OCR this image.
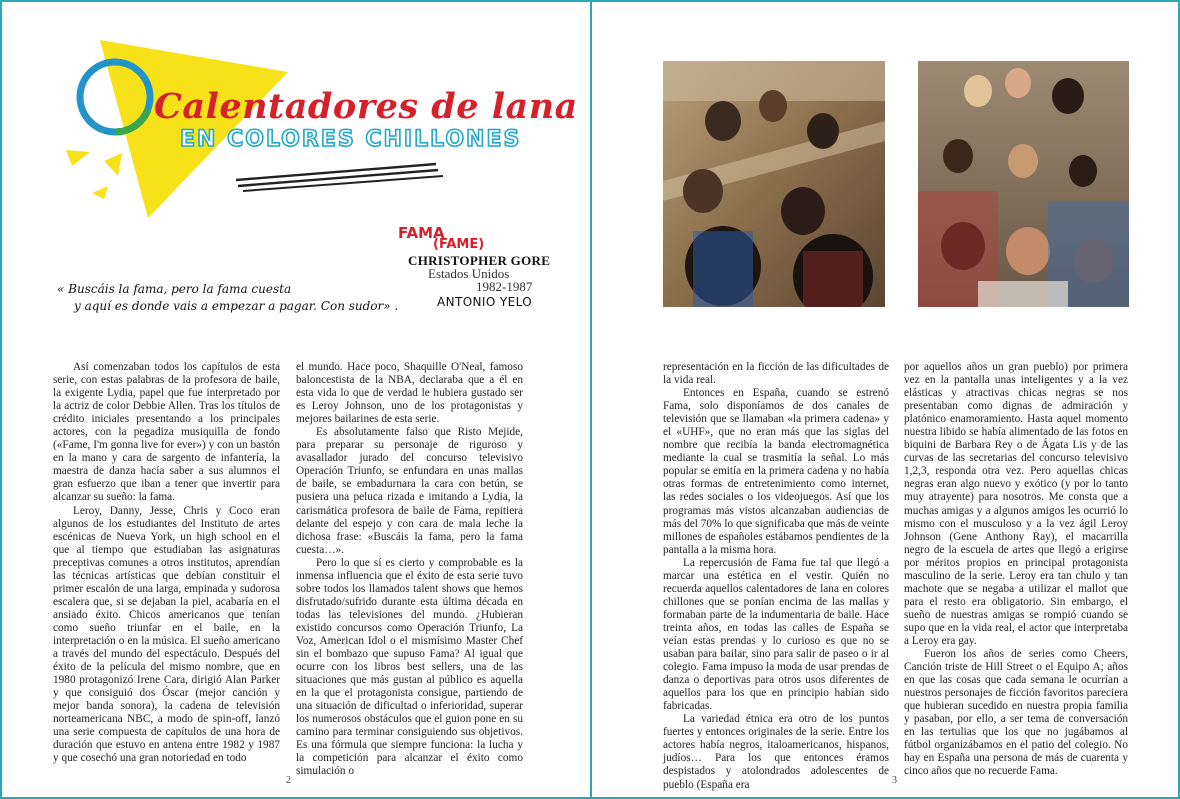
Calentadores de lana
EN COLORES CHILLONES
FAMA
(FAME)
CHRISTOPHER GORE
Estados Unidos
1982-1987
ANTONIO YELO
« Buscáis la fama, pero la fama cuesta
y aquí es donde vais a empezar a pagar. Con sudor» .

Así comenzaban todos los capítulos de esta serie, con estas palabras de la profesora de baile, la exigente Lydia, papel que fue interpretado por la actriz de color Debbie Allen. Tras los títulos de crédito iniciales presentando a los principales actores, con la pegadiza musiquilla de fondo («Fame, I'm gonna live for ever») y con un bastón en la mano y cara de sargento de infantería, la maestra de danza hacía saber a sus alumnos el gran esfuerzo que iban a tener que invertir para alcanzar su sueño: la fama.

Leroy, Danny, Jesse, Chris y Coco eran algunos de los estudiantes del Instituto de artes escénicas de Nueva York, un high school en el que al tiempo que estudiaban las asignaturas preceptivas comunes a otros institutos, aprendían las técnicas artísticas que debían constituir el primer escalón de una larga, empinada y sudorosa escalera que, si se dejaban la piel, acabaría en el ansiado éxito. Chicos americanos que tenían como sueño triunfar en el baile, en la interpretación o en la música. El sueño americano a través del mundo del espectáculo. Después del éxito de la película del mismo nombre, que en 1980 protagonizó Irene Cara, dirigió Alan Parker y que consiguió dos Óscar (mejor canción y mejor banda sonora), la cadena de televisión norteamericana NBC, a modo de spin-off, lanzó una serie compuesta de capítulos de una hora de duración que estuvo en antena entre 1982 y 1987 y que cosechó una gran notoriedad en todo

el mundo. Hace poco, Shaquille O'Neal, famoso baloncestista de la NBA, declaraba que a él en esta vida lo que de verdad le hubiera gustado ser es Leroy Johnson, uno de los protagonistas y mejores bailarines de esta serie.

Es absolutamente falso que Risto Mejide, para preparar su personaje de riguroso y avasallador jurado del concurso televisivo Operación Triunfo, se enfundara en unas mallas de baile, se embadurnara la cara con betún, se pusiera una peluca rizada e imitando a Lydia, la carismática profesora de baile de Fama, repitiera delante del espejo y con cara de mala leche la dichosa frase: «Buscáis la fama, pero la fama cuesta…».

Pero lo que sí es cierto y comprobable es la inmensa influencia que el éxito de esta serie tuvo sobre todos los llamados talent shows que hemos disfrutado/sufrido durante esta última década en todas las televisiones del mundo. ¿Hubieran existido concursos como Operación Triunfo, La Voz, American Idol o el mismísimo Master Chef sin el bombazo que supuso Fama? Al igual que ocurre con los libros best sellers, una de las situaciones que más gustan al público es aquella en la que el protagonista consigue, partiendo de una situación de dificultad o inferioridad, superar los numerosos obstáculos que el guion pone en su camino para terminar consiguiendo sus objetivos. Es una fórmula que siempre funciona: la lucha y la competición para alcanzar el éxito como simulación o

2

representación en la ficción de las dificultades de la vida real.

Entonces en España, cuando se estrenó Fama, solo disponíamos de dos canales de televisión que se llamaban «la primera cadena» y el «UHF», que no eran más que las siglas del nombre que recibía la banda electromagnética mediante la cual se trasmitía la señal. Lo más popular se emitía en la primera cadena y no había otras formas de entretenimiento como internet, las redes sociales o los videojuegos. Así que los programas más vistos alcanzaban audiencias de más del 70% lo que significaba que más de veinte millones de españoles estábamos pendientes de la pantalla a la misma hora.

La repercusión de Fama fue tal que llegó a marcar una estética en el vestir. Quién no recuerda aquellos calentadores de lana en colores chillones que se ponían encima de las mallas y formaban parte de la indumentaria de baile. Hace treinta años, en todas las calles de España se veían estas prendas y lo curioso es que no se usaban para bailar, sino para salir de paseo o ir al colegio. Fama impuso la moda de usar prendas de danza o deportivas para otros usos diferentes de aquellos para los que en principio habían sido fabricadas.

La variedad étnica era otro de los puntos fuertes y entonces originales de la serie. Entre los actores había negros, italoamericanos, hispanos, judíos… Para los que entonces éramos despistados y atolondrados adolescentes de pueblo (España era

por aquellos años un gran pueblo) por primera vez en la pantalla unas inteligentes y a la vez elásticas y atractivas chicas negras se nos presentaban como dignas de admiración y platónico enamoramiento. Hasta aquel momento nuestra libido se había alimentado de las fotos en biquini de Barbara Rey o de Ágata Lis y de las curvas de las secretarias del concurso televisivo 1,2,3, responda otra vez. Pero aquellas chicas negras eran algo nuevo y exótico (y por lo tanto muy atrayente) para nosotros. Me consta que a muchas amigas y a algunos amigos les ocurrió lo mismo con el musculoso y a la vez ágil Leroy Johnson (Gene Anthony Ray), el macarrilla negro de la escuela de artes que llegó a erigirse por méritos propios en principal protagonista masculino de la serie. Leroy era tan chulo y tan machote que se negaba a utilizar el mallot que para el resto era obligatorio. Sin embargo, el sueño de nuestras amigas se rompió cuando se supo que en la vida real, el actor que interpretaba a Leroy era gay.

Fueron los años de series como Cheers, Canción triste de Hill Street o el Equipo A; años en que las cosas que cada semana le ocurrían a nuestros personajes de ficción favoritos pareciera que hubieran sucedido en nuestra propia familia y pasaban, por ello, a ser tema de conversación en las tertulias que los que no jugábamos al fútbol organizábamos en el patio del colegio. No hay en España una persona de más de cuarenta y cinco años que no recuerde Fama.

3
